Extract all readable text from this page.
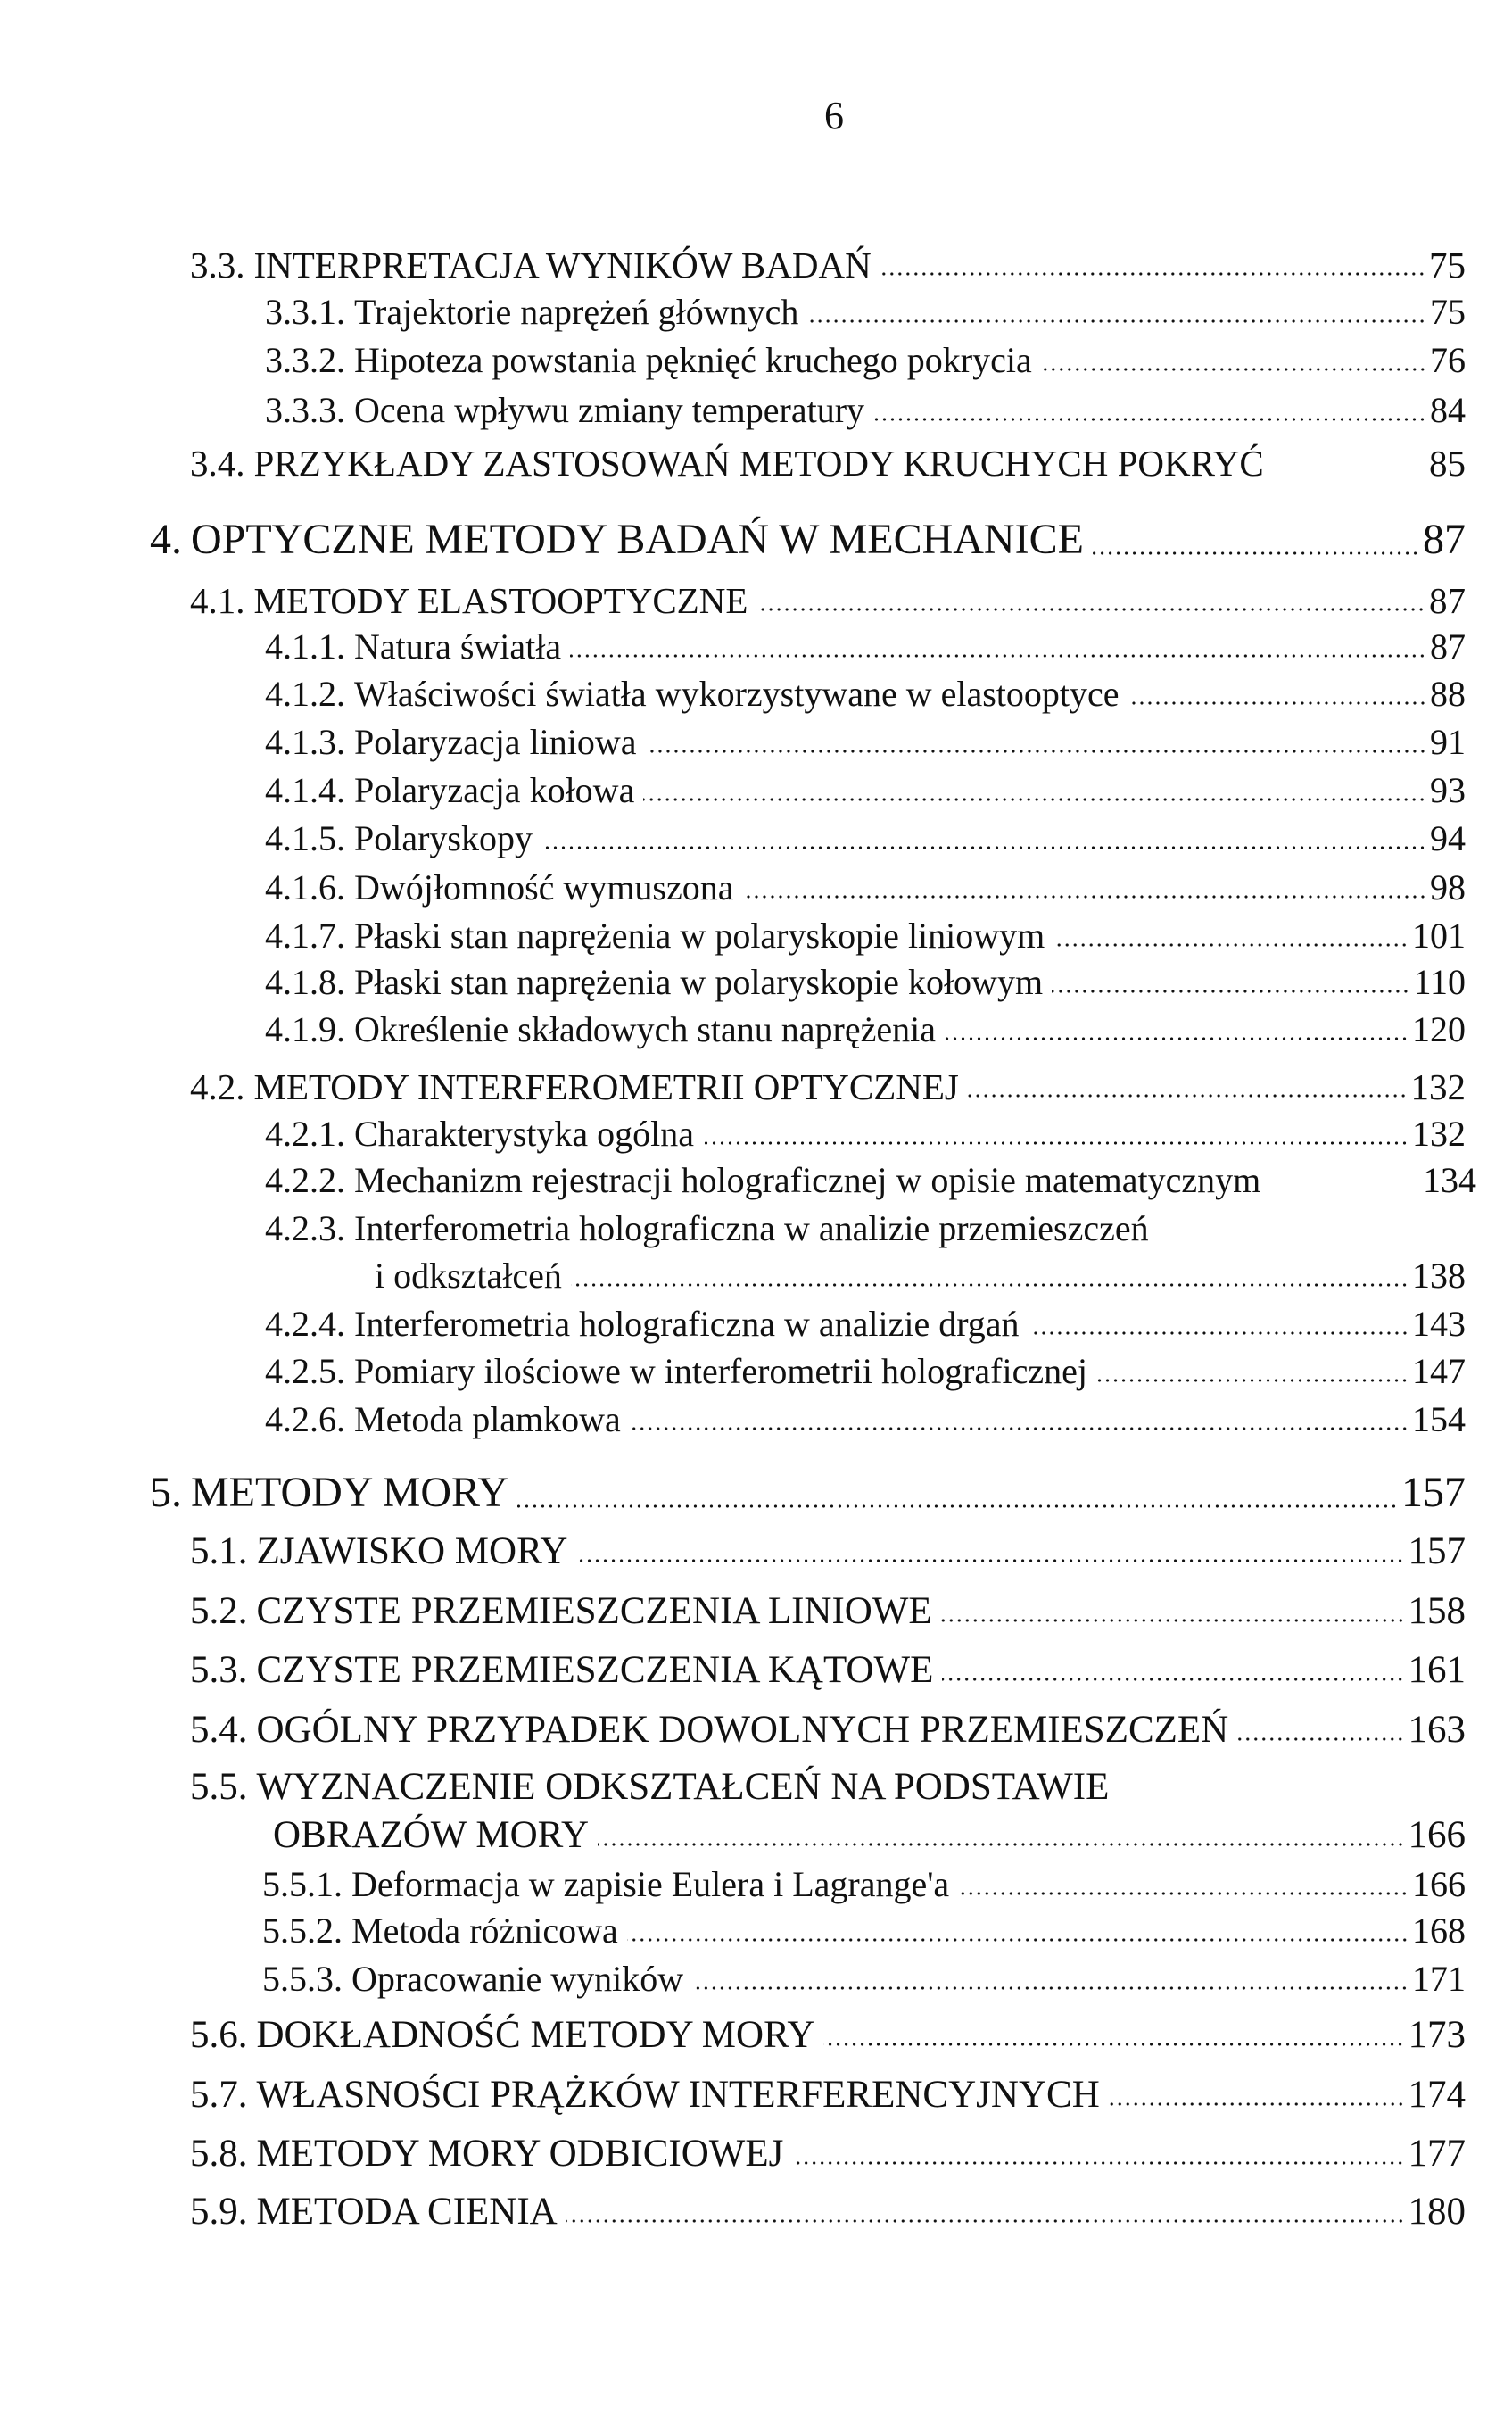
6
3.3. INTERPRETACJA WYNIKÓW BADAŃ	75
3.3.1. Trajektorie naprężeń głównych	75
3.3.2. Hipoteza powstania pęknięć kruchego pokrycia	76
3.3.3. Ocena wpływu zmiany temperatury	84
3.4. PRZYKŁADY ZASTOSOWAŃ METODY KRUCHYCH POKRYĆ	85
4. OPTYCZNE METODY BADAŃ W MECHANICE	87
4.1. METODY ELASTOOPTYCZNE	87
4.1.1. Natura światła	87
4.1.2. Właściwości światła wykorzystywane w elastooptyce	88
4.1.3. Polaryzacja liniowa	91
4.1.4. Polaryzacja kołowa	93
4.1.5. Polaryskopy	94
4.1.6. Dwójłomność wymuszona	98
4.1.7. Płaski stan naprężenia w polaryskopie liniowym	101
4.1.8. Płaski stan naprężenia w polaryskopie kołowym	110
4.1.9. Określenie składowych stanu naprężenia	120
4.2. METODY INTERFEROMETRII OPTYCZNEJ	132
4.2.1. Charakterystyka ogólna	132
4.2.2. Mechanizm rejestracji holograficznej w opisie matematycznym	134
4.2.3. Interferometria holograficzna w analizie przemieszczeń
i odkształceń	138
4.2.4. Interferometria holograficzna w analizie drgań	143
4.2.5. Pomiary ilościowe w interferometrii holograficznej	147
4.2.6. Metoda plamkowa	154
5. METODY MORY	157
5.1. ZJAWISKO MORY	157
5.2. CZYSTE PRZEMIESZCZENIA LINIOWE	158
5.3. CZYSTE PRZEMIESZCZENIA KĄTOWE	161
5.4. OGÓLNY PRZYPADEK DOWOLNYCH PRZEMIESZCZEŃ	163
5.5. WYZNACZENIE ODKSZTAŁCEŃ NA PODSTAWIE
OBRAZÓW MORY	166
5.5.1. Deformacja w zapisie Eulera i Lagrange'a	166
5.5.2. Metoda różnicowa	168
5.5.3. Opracowanie wyników	171
5.6. DOKŁADNOŚĆ METODY MORY	173
5.7. WŁASNOŚCI PRĄŻKÓW INTERFERENCYJNYCH	174
5.8. METODY MORY ODBICIOWEJ	177
5.9. METODA CIENIA	180
